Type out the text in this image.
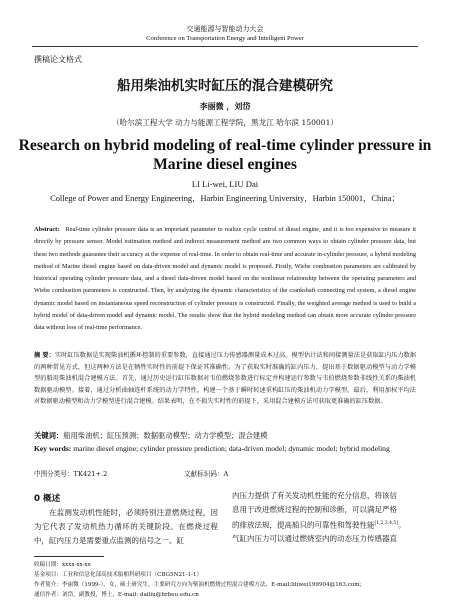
交通能源与智能动力大会
Conference on Transportation Energy and Intelligent Power
撰稿论文格式
船用柴油机实时缸压的混合建模研究
李丽微 ，刘岱
（哈尔滨工程大学 动力与能源工程学院，黑龙江 哈尔滨 150001）
Research on hybrid modeling of real-time cylinder pressure in Marine diesel engines
LI Li-wei, LIU Dai
College of Power and Energy Engineering，Harbin Engineering University，Harbin 150001，China；
Abstract: Real-time cylinder pressure data is an important parameter to realize cycle control of diesel engine, and it is too expensive to measure it directly by pressure sensor. Model estimation method and indirect measurement method are two common ways to obtain cylinder pressure data, but these two methods guarantee their accuracy at the expense of real-time. In order to obtain real-time and accurate in-cylinder pressure, a hybrid modeling method of Marine diesel engine based on data-driven model and dynamic model is proposed. Firstly, Wiebe combustion parameters are calibrated by historical operating cylinder pressure data, and a diesel data-driven model based on the nonlinear relationship between the operating parameters and Wiebe combustion parameters is constructed. Then, by analyzing the dynamic characteristics of the crankshaft connecting rod system, a diesel engine dynamic model based on instantaneous speed reconstruction of cylinder pressure is constructed. Finally, the weighted average method is used to build a hybrid model of data-driven model and dynamic model. The results show that the hybrid modeling method can obtain more accurate cylinder pressure data without loss of real-time performance.
摘 要：实时缸压数据是实现柴油机循环控制的重要参数，直接通过压力传感器测量成本过高。模型估计法和间接测量法是获取缸内压力数据的两种常见方式，但这两种方法是在牺牲实时性的前提下保证其准确性。为了获取实时准确的缸内压力，提出基于数据驱动模型与动力学模型的船用柴油机混合建模方法。首先，通过历史运行缸压数据对韦伯燃烧参数进行标定并构建运行参数与韦伯燃烧参数非线性关系的柴油机数据驱动模型。接着，通过分析曲轴连杆系统的动力学特性，构建一个基于瞬时转速重构缸压的柴油机动力学模型。最后，利用加权平均法对数据驱动模型和动力学模型进行混合建模。结果表明，在不损失实时性的前提下，采用混合建模方法可获取更准确的缸压数据。
关键词：船用柴油机；缸压预测；数据驱动模型；动力学模型；混合建模
Key words: marine diesel engine; cylinder pressure prediction; data-driven model; dynamic model; hybrid modeling
中图分类号：TK421+.2	文献标识码：A
0 概述

在监测发动机性能时，必须特别注意燃烧过程，因为它代表了发动机热力循环的关键阶段。在燃烧过程中，缸内压力是需要重点监测的信号之一。缸

内压力提供了有关发动机性能的充分信息，将该信

息用于改进燃烧过程的控制和诊断，可以满足严格

的排放法规，提高船只的可靠性和驾驶性能[1,2,3,4,5]。

气缸内压力可以通过燃烧室内的动态压力传感器直

收稿日期：xxxx-xx-xx
基金项目：工业和信息化部高技术船舶科研项目（CBG5N21-1-1）
作者简介：李丽微（1999-），女，硕士研究生，主要研究方向为柴油机燃烧过程混合建模方法，E-mail:liliwei199904@163.com；
通信作者：刘岱，副教授，博士，E-mail: dailiu@hrbeu.edu.cn
